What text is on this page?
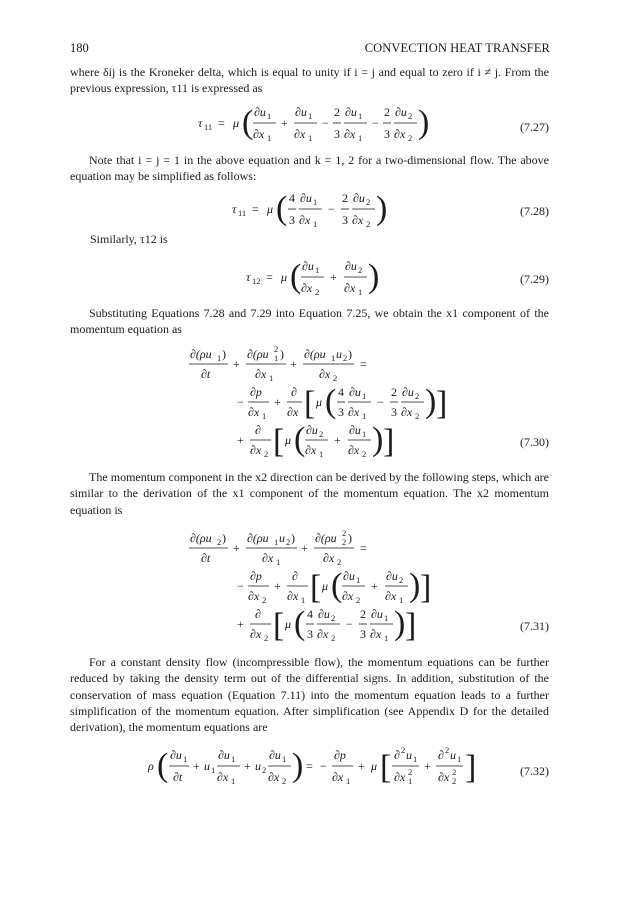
180	CONVECTION HEAT TRANSFER

where δij is the Kroneker delta, which is equal to unity if i = j and equal to zero if i ≠ j. From the previous expression, τ11 is expressed as

τ 11 = μ ( ∂u 1
∂x 1
+
∂u 1
∂x 1
−
2
3
∂u 1
∂x 1
−
2
3
∂u 2
∂x 2 )	(7.27)

Note that i = j = 1 in the above equation and k = 1, 2 for a two-dimensional flow. The above equation may be simplified as follows:

τ 11 = μ ( 4
3
∂u 1
∂x 1
−
2
3
∂u 2
∂x 2 )	(7.28)

Similarly, τ12 is

τ 12 = μ ( ∂u 1
∂x 2
+
∂u 2
∂x 1 )	(7.29)

Substituting Equations 7.28 and 7.29 into Equation 7.25, we obtain the x1 component of the momentum equation as

∂(ρu 1 )
∂t
+
∂(ρu 2
1 )
∂x 1
+
∂(ρu 1 u 2 )
∂x 2
=
−
∂p
∂x 1
+
∂
∂x [ μ ( 4
3
∂u 1
∂x 1
−
2
3
∂u 2
∂x 2 ) ]
+
∂
∂x 2 [ μ ( ∂u 2
∂x 1
+
∂u 1
∂x 2 ) ]	(7.30)

The momentum component in the x2 direction can be derived by the following steps, which are similar to the derivation of the x1 component of the momentum equation. The x2 momentum equation is

∂(ρu 2 )
∂t
+
∂(ρu 1 u 2 )
∂x 1
+
∂(ρu 2
2 )
∂x 2
=
−
∂p
∂x 2
+
∂
∂x 1 [ μ ( ∂u 1
∂x 2
+
∂u 2
∂x 1 ) ]
+
∂
∂x 2 [ μ ( 4
3
∂u 2
∂x 2
−
2
3
∂u 1
∂x 1 ) ]	(7.31)

For a constant density flow (incompressible flow), the momentum equations can be further reduced by taking the density term out of the differential signs. In addition, substitution of the conservation of mass equation (Equation 7.11) into the momentum equation leads to a further simplification of the momentum equation. After simplification (see Appendix D for the detailed derivation), the momentum equations are

ρ ( ∂u 1
∂t
+ u 1
∂u 1
∂x 1
+ u 2
∂u 1
∂x 2 ) = −
∂p
∂x 1
+ μ [ ∂ 2 u 1
∂x 2
1
+
∂ 2 u 1
∂x 2
2 ]	(7.32)
